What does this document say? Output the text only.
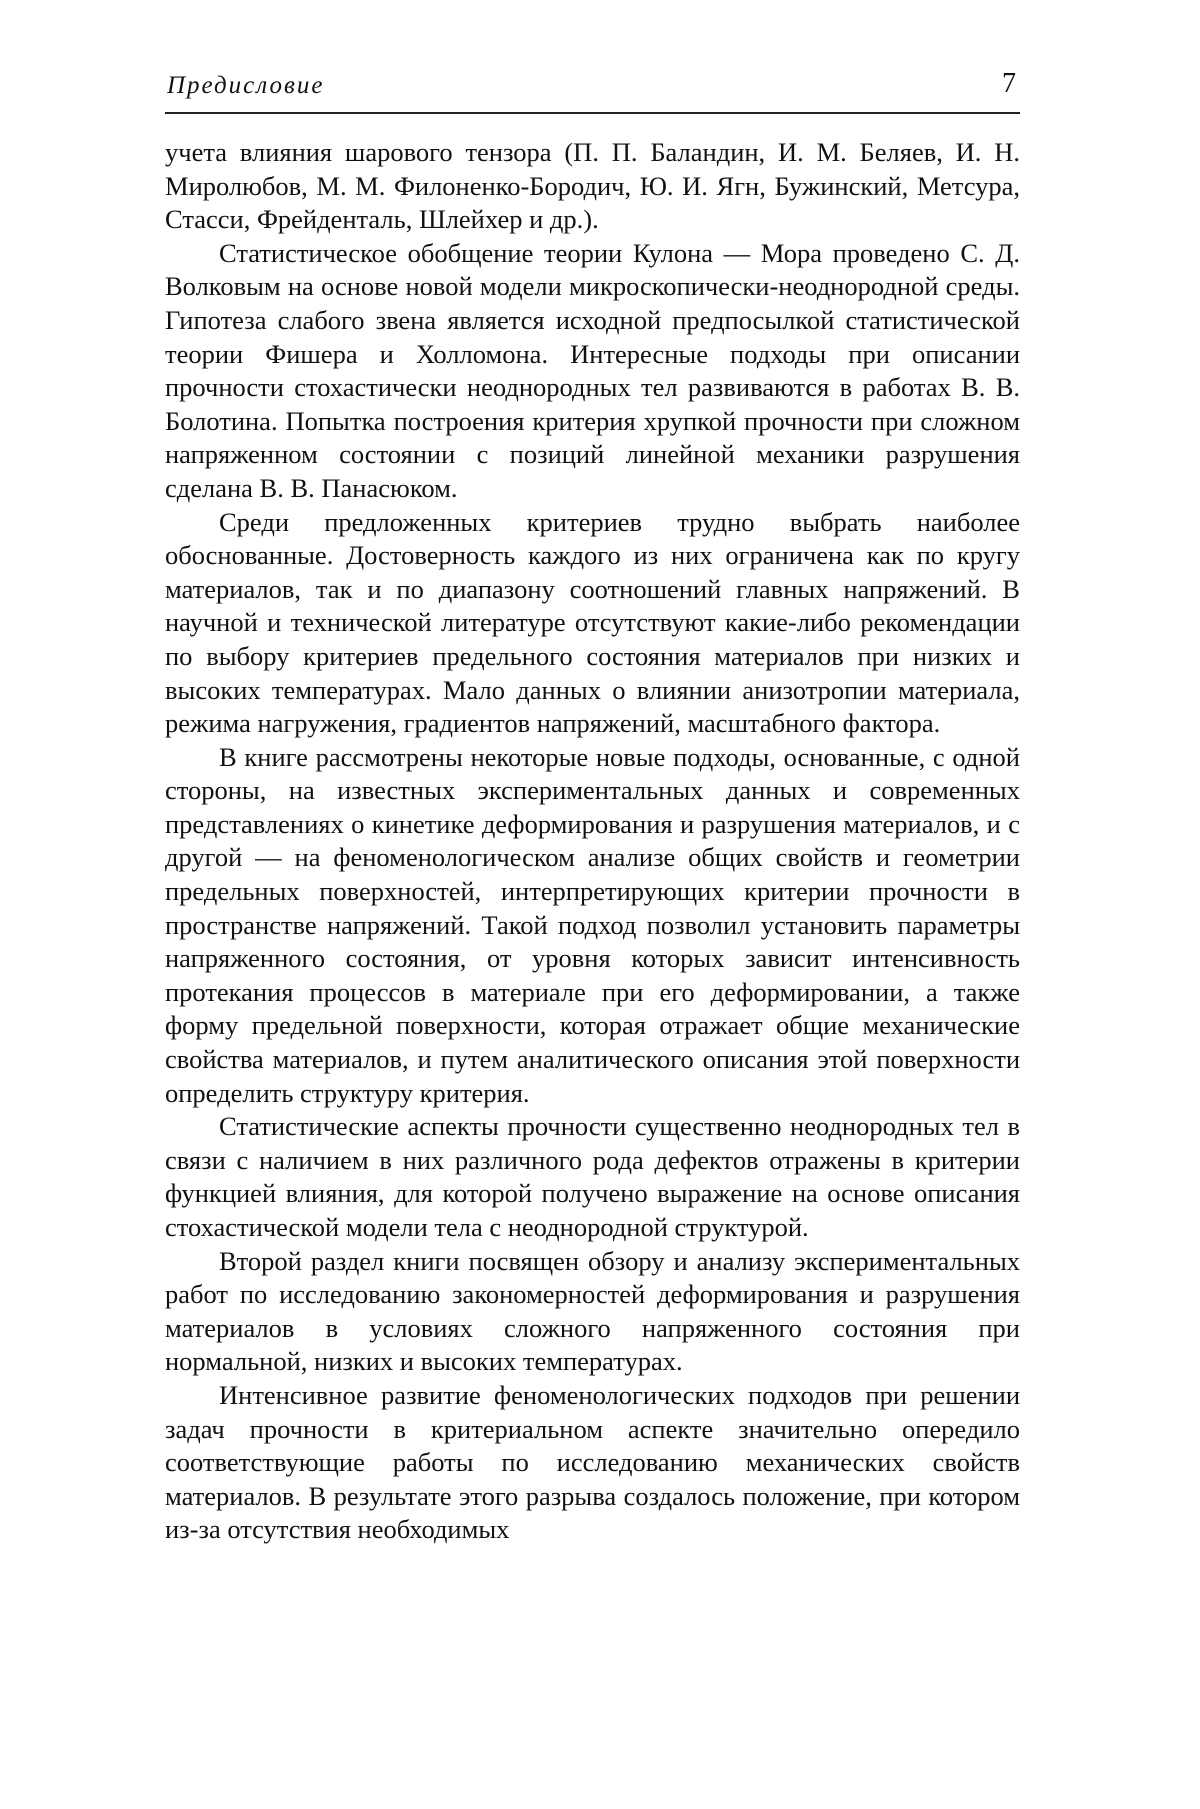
Предисловие	7

учета влияния шарового тензора (П. П. Баландин, И. М. Беляев, И. Н. Миролюбов, М. М. Филоненко-Бородич, Ю. И. Ягн, Бужинский, Метсура, Стасси, Фрейденталь, Шлейхер и др.).

Статистическое обобщение теории Кулона — Мора проведено С. Д. Волковым на основе новой модели микроскопически-неоднородной среды. Гипотеза слабого звена является исходной предпосылкой статистической теории Фишера и Холломона. Интересные подходы при описании прочности стохастически неоднородных тел развиваются в работах В. В. Болотина. Попытка построения критерия хрупкой прочности при сложном напряженном состоянии с позиций линейной механики разрушения сделана В. В. Панасюком.

Среди предложенных критериев трудно выбрать наиболее обоснованные. Достоверность каждого из них ограничена как по кругу материалов, так и по диапазону соотношений главных напряжений. В научной и технической литературе отсутствуют какие-либо рекомендации по выбору критериев предельного состояния материалов при низких и высоких температурах. Мало данных о влиянии анизотропии материала, режима нагружения, градиентов напряжений, масштабного фактора.

В книге рассмотрены некоторые новые подходы, основанные, с одной стороны, на известных экспериментальных данных и современных представлениях о кинетике деформирования и разрушения материалов, и с другой — на феноменологическом анализе общих свойств и геометрии предельных поверхностей, интерпретирующих критерии прочности в пространстве напряжений. Такой подход позволил установить параметры напряженного состояния, от уровня которых зависит интенсивность протекания процессов в материале при его деформировании, а также форму предельной поверхности, которая отражает общие механические свойства материалов, и путем аналитического описания этой поверхности определить структуру критерия.

Статистические аспекты прочности существенно неоднородных тел в связи с наличием в них различного рода дефектов отражены в критерии функцией влияния, для которой получено выражение на основе описания стохастической модели тела с неоднородной структурой.

Второй раздел книги посвящен обзору и анализу экспериментальных работ по исследованию закономерностей деформирования и разрушения материалов в условиях сложного напряженного состояния при нормальной, низких и высоких температурах.

Интенсивное развитие феноменологических подходов при решении задач прочности в критериальном аспекте значительно опередило соответствующие работы по исследованию механических свойств материалов. В результате этого разрыва создалось положение, при котором из-за отсутствия необходимых
